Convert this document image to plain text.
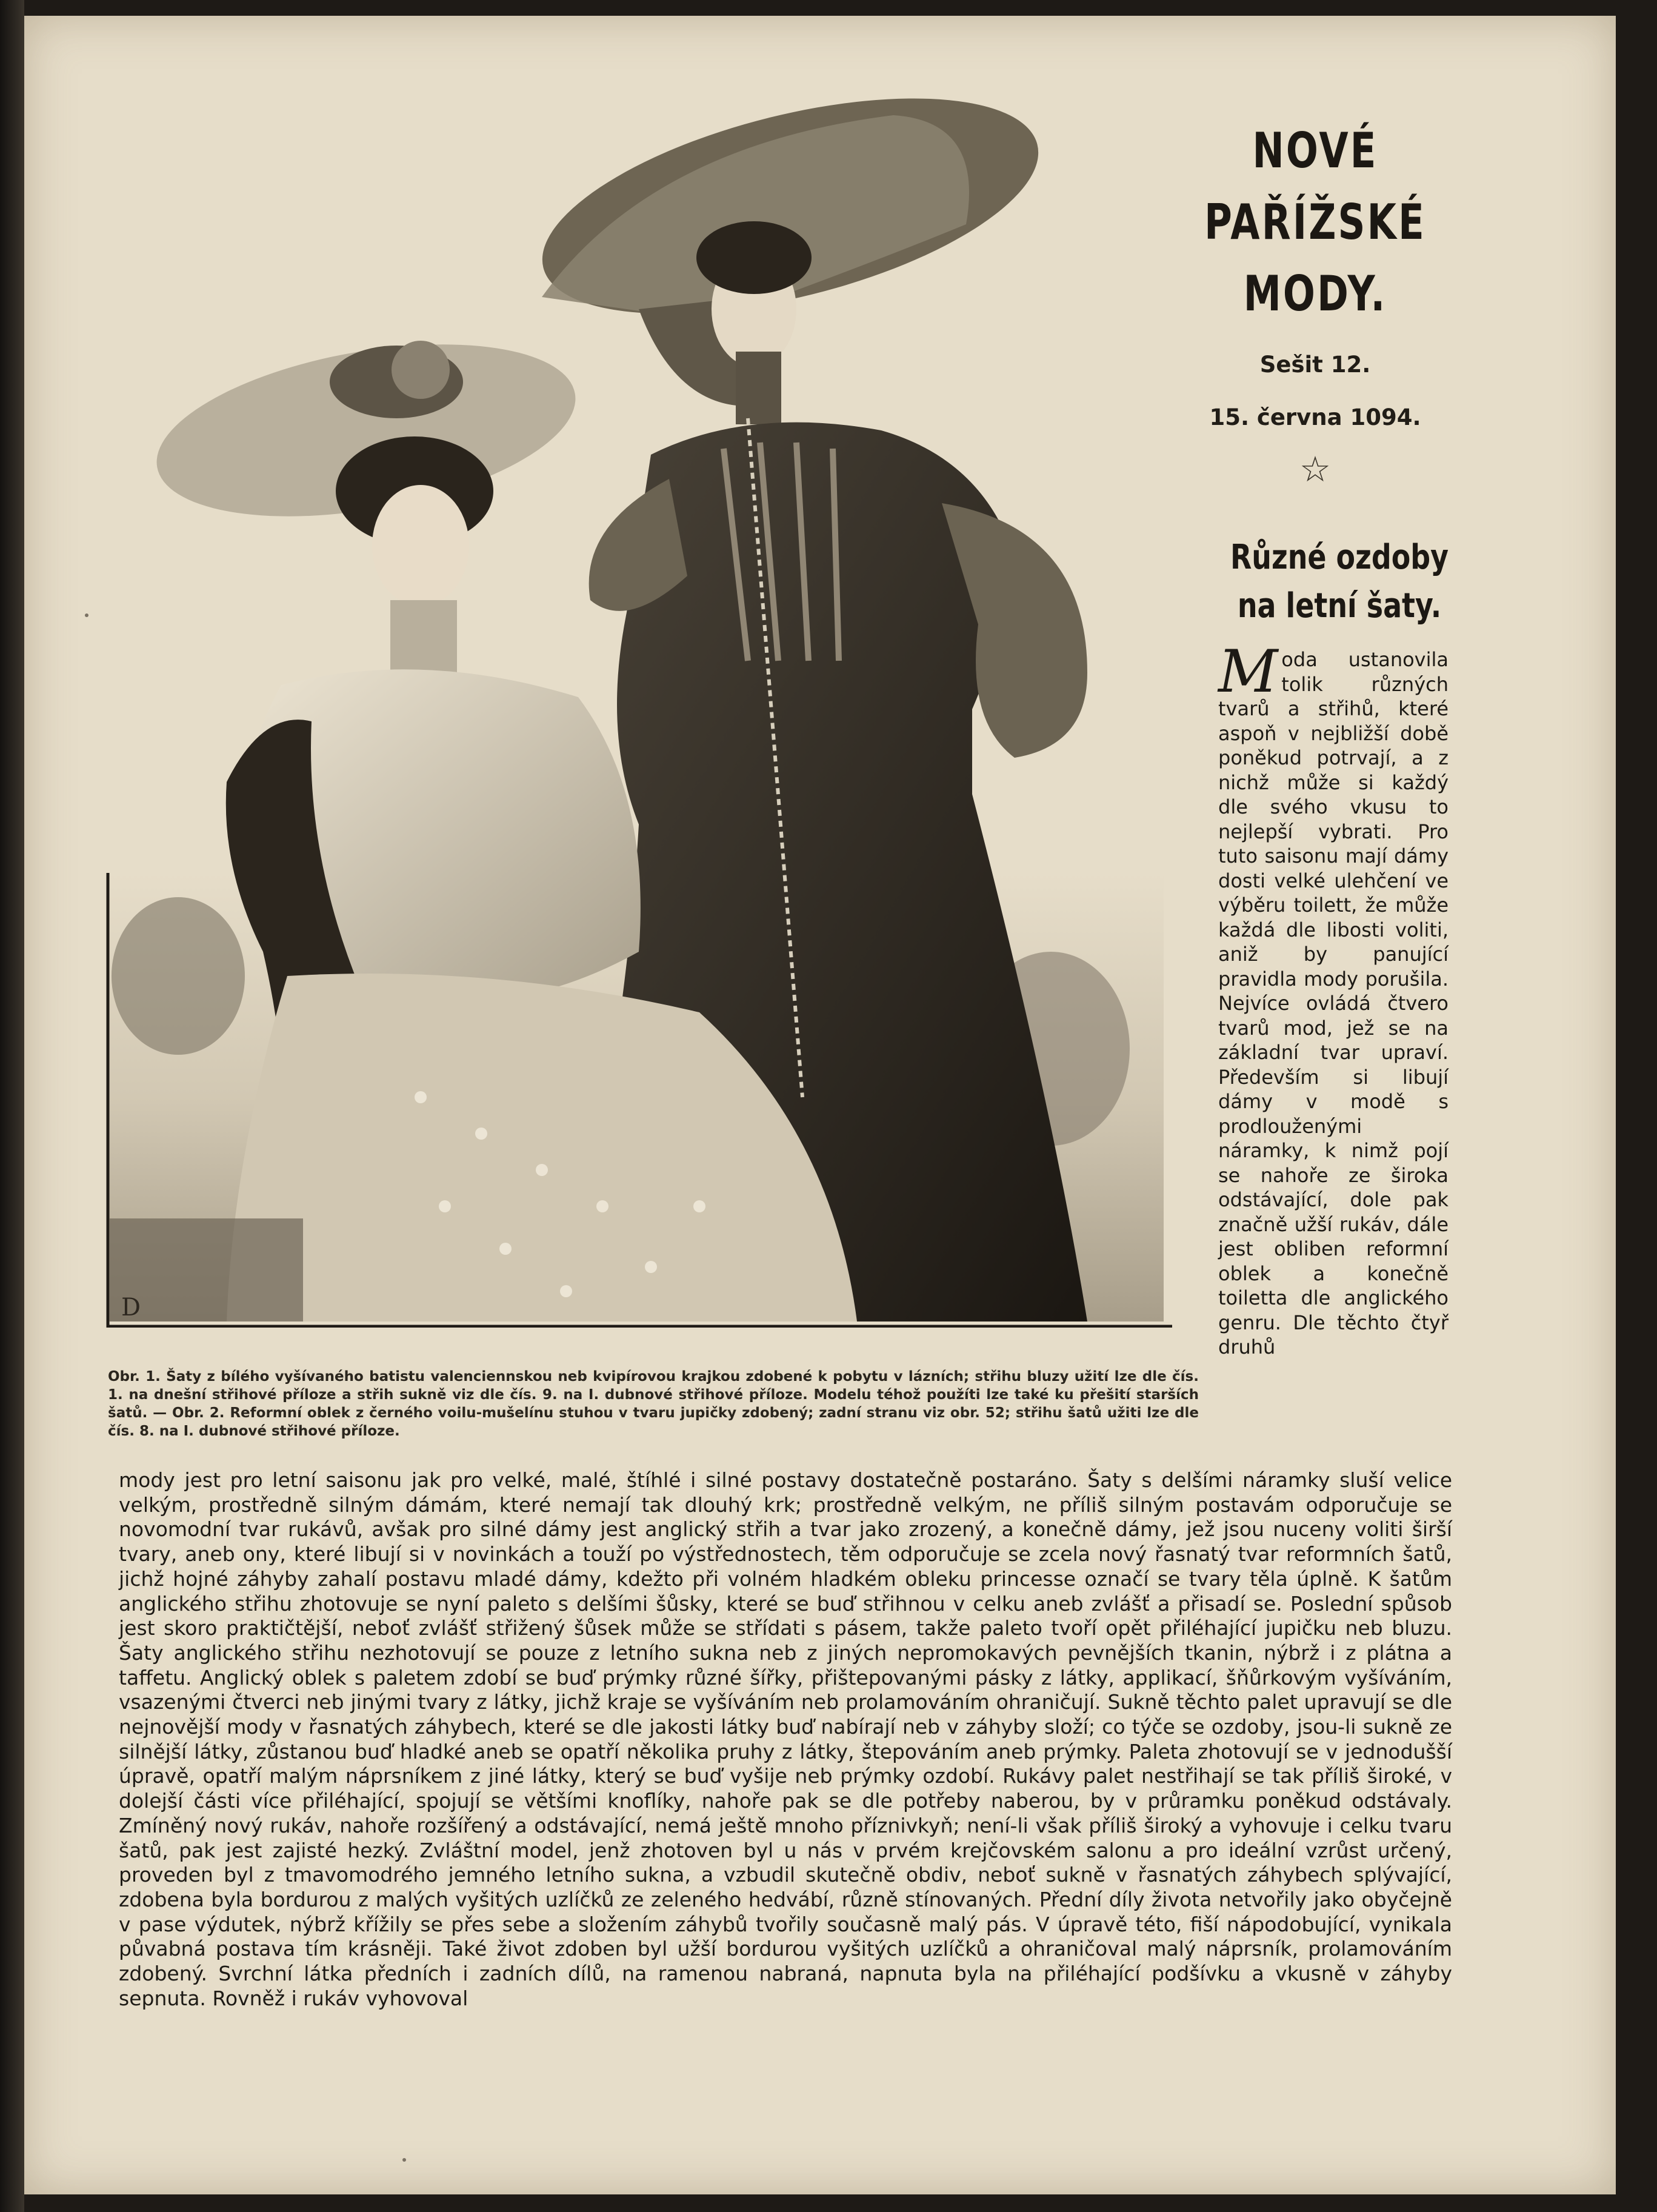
D
NOVÉ
PAŘÍŽSKÉ MODY.
Sešit 12.
15. června 1094.
☆
Různé ozdoby na letní šaty.

Moda ustanovila tolik různých tvarů a střihů, které aspoň v nejbližší době poněkud potrvají, a z nichž může si každý dle svého vkusu to nejlepší vybrati. Pro tuto saisonu mají dámy dosti velké ulehčení ve výběru toilett, že může každá dle libosti voliti, aniž by panující pravidla mody porušila. Nejvíce ovládá čtvero tvarů mod, jež se na základní tvar upraví. Především si libují dámy v modě s prodlouženými náramky, k nimž pojí se nahoře ze široka odstávající, dole pak značně užší rukáv, dále jest obliben reformní oblek a konečně toiletta dle anglického genru. Dle těchto čtyř druhů

Obr. 1. Šaty z bílého vyšívaného batistu valenciennskou neb kvipírovou krajkou zdobené k pobytu v lázních; střihu bluzy užití lze dle čís. 1. na dnešní střihové příloze a střih sukně viz dle čís. 9. na I. dubnové střihové příloze. Modelu téhož použíti lze také ku přešití starších šatů. — Obr. 2. Reformní oblek z černého voilu-mušelínu stuhou v tvaru jupičky zdobený; zadní stranu viz obr. 52; střihu šatů užiti lze dle čís. 8. na I. dubnové střihové příloze.

mody jest pro letní saisonu jak pro velké, malé, štíhlé i silné postavy dostatečně postaráno. Šaty s delšími náramky sluší velice velkým, prostředně silným dámám, které nemají tak dlouhý krk; prostředně velkým, ne příliš silným postavám odporučuje se novomodní tvar rukávů, avšak pro silné dámy jest anglický střih a tvar jako zrozený, a konečně dámy, jež jsou nuceny voliti širší tvary, aneb ony, které libují si v novinkách a touží po výstřednostech, těm odporučuje se zcela nový řasnatý tvar reformních šatů, jichž hojné záhyby zahalí postavu mladé dámy, kdežto při volném hladkém obleku princesse označí se tvary těla úplně. K šatům anglického střihu zhotovuje se nyní paleto s delšími šůsky, které se buď střihnou v celku aneb zvlášť a přisadí se. Poslední spůsob jest skoro praktičtější, neboť zvlášť střižený šůsek může se střídati s pásem, takže paleto tvoří opět přiléhající jupičku neb bluzu. Šaty anglického střihu nezhotovují se pouze z letního sukna neb z jiných nepromokavých pevnějších tkanin, nýbrž i z plátna a taffetu. Anglický oblek s paletem zdobí se buď prýmky různé šířky, přištepovanými pásky z látky, applikací, šňůrkovým vyšíváním, vsazenými čtverci neb jinými tvary z látky, jichž kraje se vyšíváním neb prolamováním ohraničují. Sukně těchto palet upravují se dle nejnovější mody v řasnatých záhybech, které se dle jakosti látky buď nabírají neb v záhyby složí; co týče se ozdoby, jsou-li sukně ze silnější látky, zůstanou buď hladké aneb se opatří několika pruhy z látky, štepováním aneb prýmky. Paleta zhotovují se v jednodušší úpravě, opatří malým náprsníkem z jiné látky, který se buď vyšije neb prýmky ozdobí. Rukávy palet nestřihají se tak příliš široké, v dolejší části více přiléhající, spojují se většími knoflíky, nahoře pak se dle potřeby naberou, by v průramku poněkud odstávaly. Zmíněný nový rukáv, nahoře rozšířený a odstávající, nemá ještě mnoho příznivkyň; není-li však příliš široký a vyhovuje i celku tvaru šatů, pak jest zajisté hezký. Zvláštní model, jenž zhotoven byl u nás v prvém krejčovském salonu a pro ideální vzrůst určený, proveden byl z tmavomodrého jemného letního sukna, a vzbudil skutečně obdiv, neboť sukně v řasnatých záhybech splývající, zdobena byla bordurou z malých vyšitých uzlíčků ze zeleného hedvábí, různě stínovaných. Přední díly života netvořily jako obyčejně v pase výdutek, nýbrž křížily se přes sebe a složením záhybů tvořily současně malý pás. V úpravě této, fiší nápodobující, vynikala půvabná postava tím krásněji. Také život zdoben byl užší bordurou vyšitých uzlíčků a ohraničoval malý náprsník, prolamováním zdobený. Svrchní látka předních i zadních dílů, na ramenou nabraná, napnuta byla na přiléhající podšívku a vkusně v záhyby sepnuta. Rovněž i rukáv vyhovoval
